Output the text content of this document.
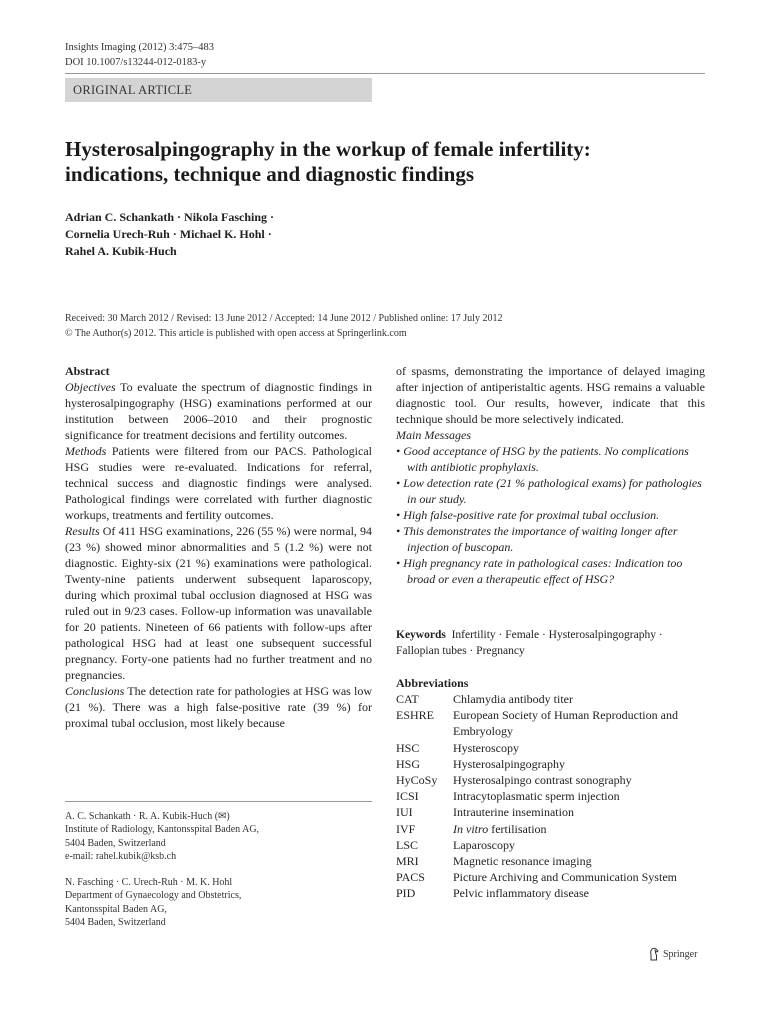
Insights Imaging (2012) 3:475–483
DOI 10.1007/s13244-012-0183-y
ORIGINAL ARTICLE
Hysterosalpingography in the workup of female infertility: indications, technique and diagnostic findings
Adrian C. Schankath · Nikola Fasching ·
Cornelia Urech-Ruh · Michael K. Hohl ·
Rahel A. Kubik-Huch
Received: 30 March 2012 / Revised: 13 June 2012 / Accepted: 14 June 2012 / Published online: 17 July 2012
© The Author(s) 2012. This article is published with open access at Springerlink.com

Abstract

Objectives To evaluate the spectrum of diagnostic findings in hysterosalpingography (HSG) examinations performed at our institution between 2006–2010 and their prognostic significance for treatment decisions and fertility outcomes.

Methods Patients were filtered from our PACS. Pathological HSG studies were re-evaluated. Indications for referral, technical success and diagnostic findings were analysed. Pathological findings were correlated with further diagnostic workups, treatments and fertility outcomes.

Results Of 411 HSG examinations, 226 (55 %) were normal, 94 (23 %) showed minor abnormalities and 5 (1.2 %) were not diagnostic. Eighty-six (21 %) examinations were pathological. Twenty-nine patients underwent subsequent laparoscopy, during which proximal tubal occlusion diagnosed at HSG was ruled out in 9/23 cases. Follow-up information was unavailable for 20 patients. Nineteen of 66 patients with follow-ups after pathological HSG had at least one subsequent successful pregnancy. Forty-one patients had no further treatment and no pregnancies.

Conclusions The detection rate for pathologies at HSG was low (21 %). There was a high false-positive rate (39 %) for proximal tubal occlusion, most likely because

A. C. Schankath · R. A. Kubik-Huch (✉)
Institute of Radiology, Kantonsspital Baden AG,
5404 Baden, Switzerland
e-mail: rahel.kubik@ksb.ch
N. Fasching · C. Urech-Ruh · M. K. Hohl
Department of Gynaecology and Obstetrics,
Kantonsspital Baden AG,
5404 Baden, Switzerland

of spasms, demonstrating the importance of delayed imaging after injection of antiperistaltic agents. HSG remains a valuable diagnostic tool. Our results, however, indicate that this technique should be more selectively indicated.

Main Messages

• Good acceptance of HSG by the patients. No complications with antibiotic prophylaxis.

• Low detection rate (21 % pathological exams) for pathologies in our study.

• High false-positive rate for proximal tubal occlusion.

• This demonstrates the importance of waiting longer after injection of buscopan.

• High pregnancy rate in pathological cases: Indication too broad or even a therapeutic effect of HSG?

Keywords Infertility · Female · Hysterosalpingography · Fallopian tubes · Pregnancy

Abbreviations

CAT	Chlamydia antibody titer
ESHRE	European Society of Human Reproduction and Embryology
HSC	Hysteroscopy
HSG	Hysterosalpingography
HyCoSy	Hysterosalpingo contrast sonography
ICSI	Intracytoplasmatic sperm injection
IUI	Intrauterine insemination
IVF	In vitro fertilisation
LSC	Laparoscopy
MRI	Magnetic resonance imaging
PACS	Picture Archiving and Communication System
PID	Pelvic inflammatory disease
Springer
